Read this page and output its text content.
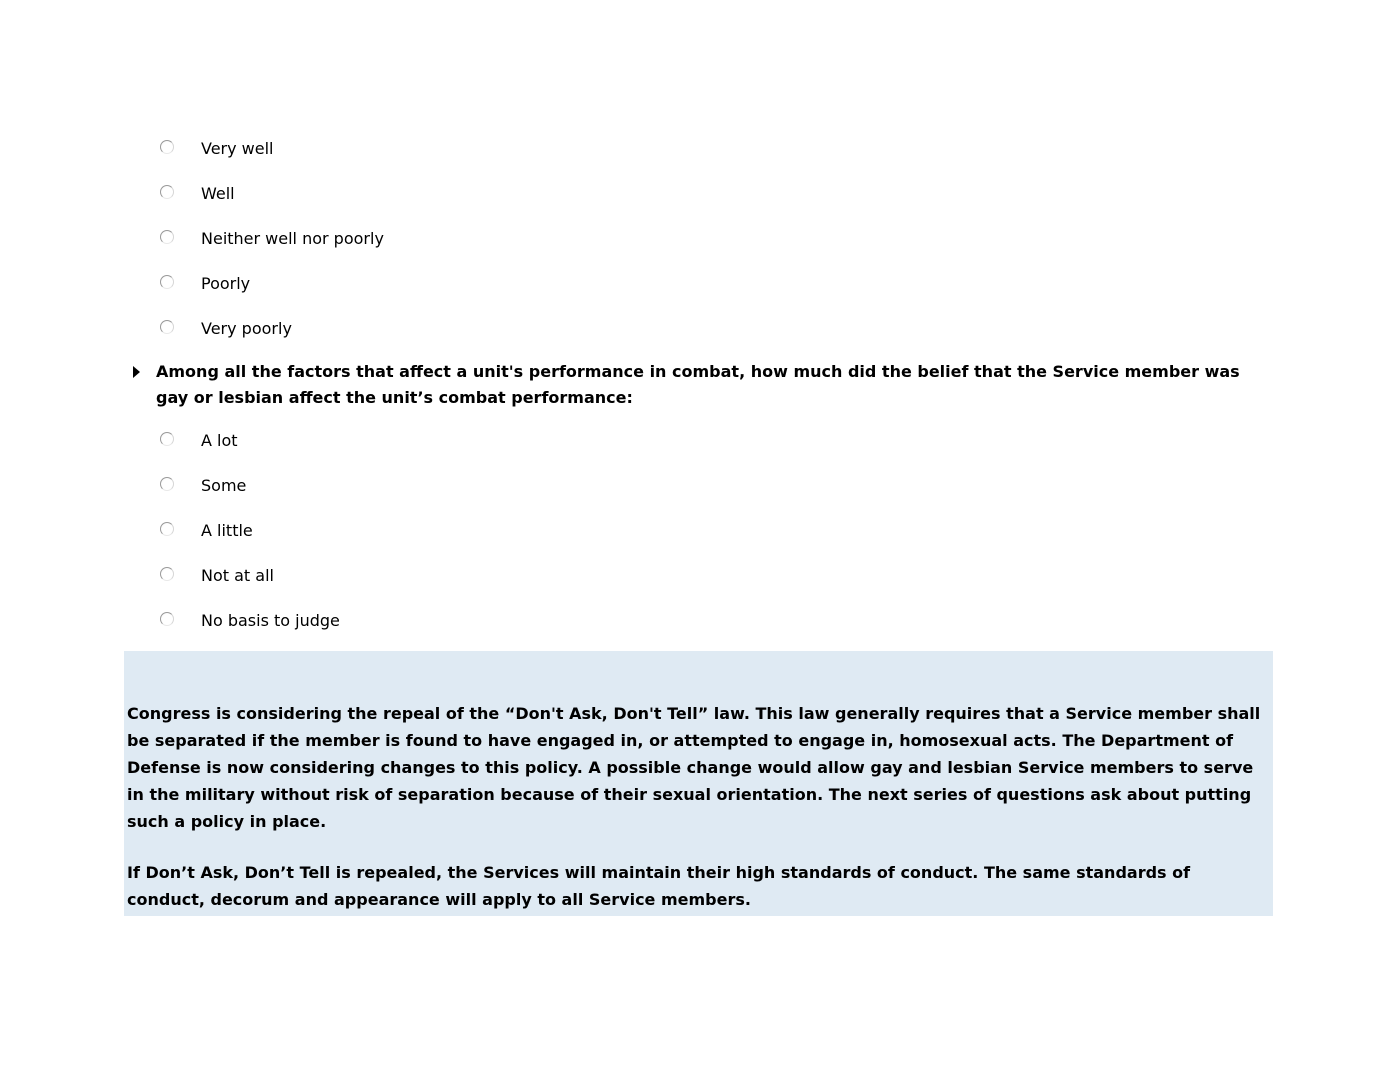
Very well
Well
Neither well nor poorly
Poorly
Very poorly
Among all the factors that affect a unit's performance in combat, how much did the belief that the Service member was gay or lesbian affect the unit’s combat performance:
A lot
Some
A little
Not at all
No basis to judge

Congress is considering the repeal of the “Don't Ask, Don't Tell” law. This law generally requires that a Service member shall be separated if the member is found to have engaged in, or attempted to engage in, homosexual acts. The Department of Defense is now considering changes to this policy. A possible change would allow gay and lesbian Service members to serve in the military without risk of separation because of their sexual orientation. The next series of questions ask about putting such a policy in place.

If Don’t Ask, Don’t Tell is repealed, the Services will maintain their high standards of conduct. The same standards of conduct, decorum and appearance will apply to all Service members.
